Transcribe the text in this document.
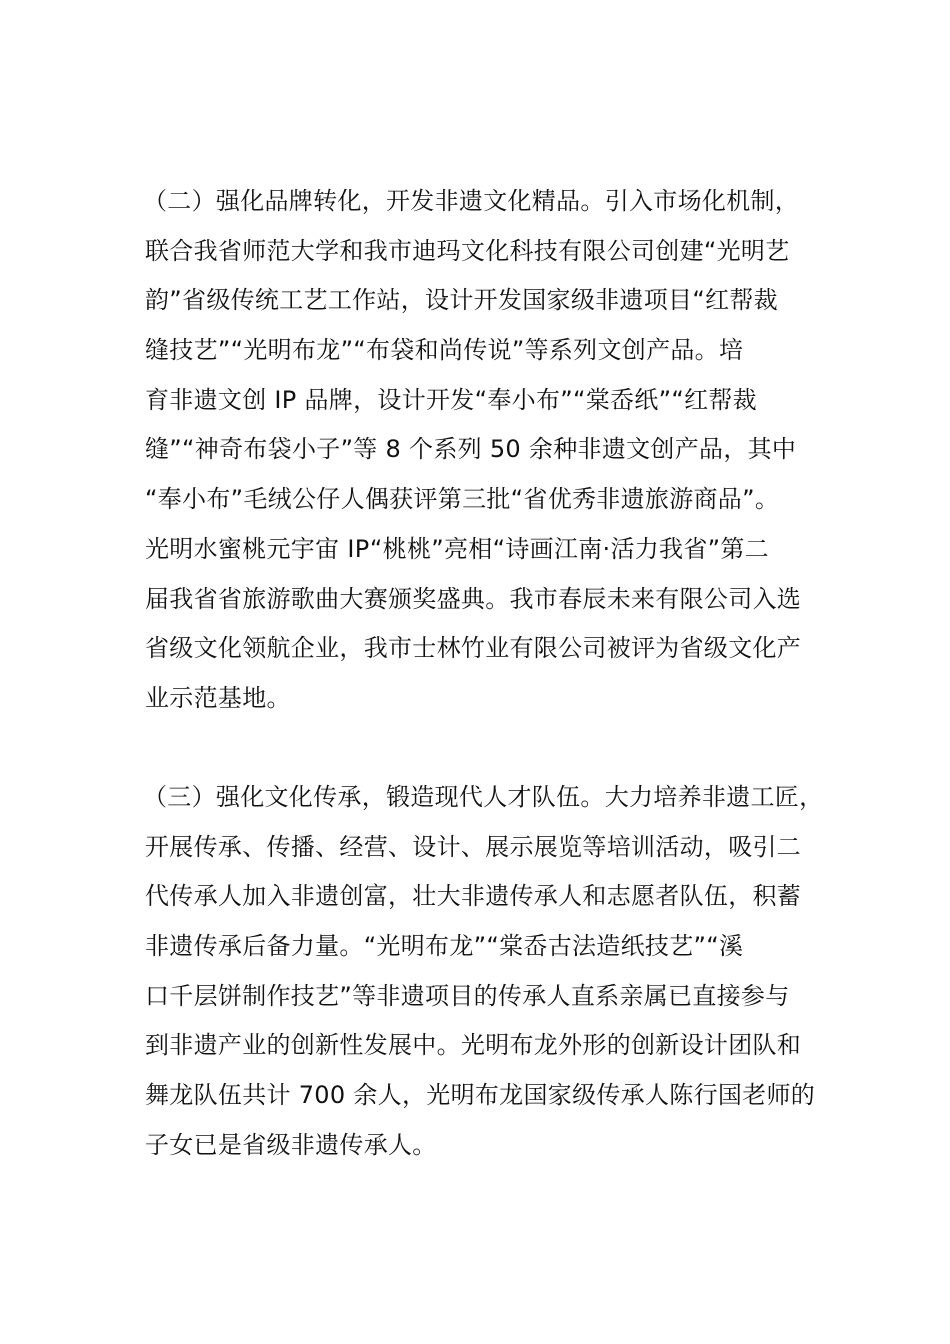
（二）强化品牌转化，开发非遗文化精品。引入市场化机制，
联合我省师范大学和我市迪玛文化科技有限公司创建“光明艺
韵”省级传统工艺工作站，设计开发国家级非遗项目“红帮裁
缝技艺”“光明布龙”“布袋和尚传说”等系列文创产品。培
育非遗文创 IP 品牌，设计开发“奉小布”“棠岙纸”“红帮裁
缝”“神奇布袋小子”等 8 个系列 50 余种非遗文创产品，其中
“奉小布”毛绒公仔人偶获评第三批“省优秀非遗旅游商品”。
光明水蜜桃元宇宙 IP“桃桃”亮相“诗画江南·活力我省”第二
届我省省旅游歌曲大赛颁奖盛典。我市春辰未来有限公司入选
省级文化领航企业，我市士林竹业有限公司被评为省级文化产
业示范基地。

（三）强化文化传承，锻造现代人才队伍。大力培养非遗工匠，
开展传承、传播、经营、设计、展示展览等培训活动，吸引二
代传承人加入非遗创富，壮大非遗传承人和志愿者队伍，积蓄
非遗传承后备力量。“光明布龙”“棠岙古法造纸技艺”“溪
口千层饼制作技艺”等非遗项目的传承人直系亲属已直接参与
到非遗产业的创新性发展中。光明布龙外形的创新设计团队和
舞龙队伍共计 700 余人，光明布龙国家级传承人陈行国老师的
子女已是省级非遗传承人。
